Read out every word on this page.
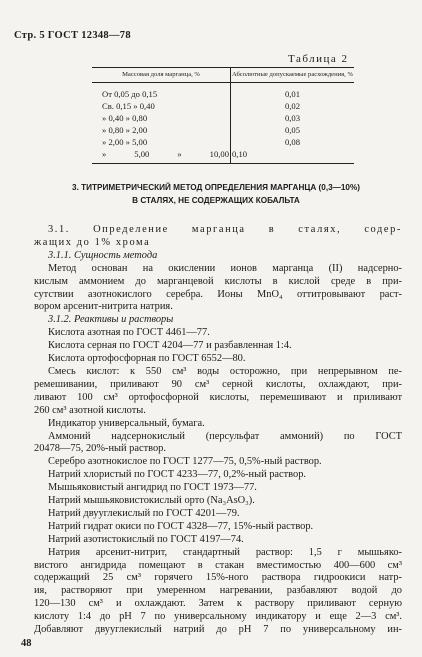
Стр. 5 ГОСТ 12348—78
Таблица 2
Массовая доля марганца, %	Абсолютные допускаемые расхождения, %
От 0,05 до 0,15	0,01
Св. 0,15 » 0,40	0,02
» 0,40 » 0,80	0,03
» 0,80 » 2,00	0,05
» 2,00 » 5,00	0,08
» 5,00 » 10,00	0,10
3. ТИТРИМЕТРИЧЕСКИЙ МЕТОД ОПРЕДЕЛЕНИЯ МАРГАНЦА (0,3—10%)
В СТАЛЯХ, НЕ СОДЕРЖАЩИХ КОБАЛЬТА

3.1. Определение марганца в сталях, содер-

жащих до 1% хрома

3.1.1. Сущность метода

Метод основан на окислении ионов марганца (II) надсерно-

кислым аммонием до марганцевой кислоты в кислой среде в при-

сутствии азотнокислого серебра. Ионы MnO₄ оттитровывают раст-

вором арсенит-нитрита натрия.

3.1.2. Реактивы и растворы

Кислота азотная по ГОСТ 4461—77.

Кислота серная по ГОСТ 4204—77 и разбавленная 1:4.

Кислота ортофосфорная по ГОСТ 6552—80.

Смесь кислот: к 550 см³ воды осторожно, при непрерывном пе-

ремешивании, приливают 90 см³ серной кислоты, охлаждают, при-

ливают 100 см³ ортофосфорной кислоты, перемешивают и приливают

260 см³ азотной кислоты.

Индикатор универсальный, бумага.

Аммоний надсернокислый (персульфат аммоний) по ГОСТ

20478—75, 20%-ный раствор.

Серебро азотнокислое по ГОСТ 1277—75, 0,5%-ный раствор.

Натрий хлористый по ГОСТ 4233—77, 0,2%-ный раствор.

Мышьяковистый ангидрид по ГОСТ 1973—77.

Натрий мышьяковистокислый орто (Na₃AsO₃).

Натрий двууглекислый по ГОСТ 4201—79.

Натрий гидрат окиси по ГОСТ 4328—77, 15%-ный раствор.

Натрий азотистокислый по ГОСТ 4197—74.

Натрия арсенит-нитрит, стандартный раствор: 1,5 г мышьяко-

вистого ангидрида помещают в стакан вместимостью 400—600 см³

содержащий 25 см³ горячего 15%-ного раствора гидроокиси натр-

ия, растворяют при умеренном нагревании, разбавляют водой до

120—130 см³ и охлаждают. Затем к раствору приливают серную

кислоту 1:4 до pH 7 по универсальному индикатору и еще 2—3 см³.

Добавляют двууглекислый натрий до pH 7 по универсальному ин-

48
